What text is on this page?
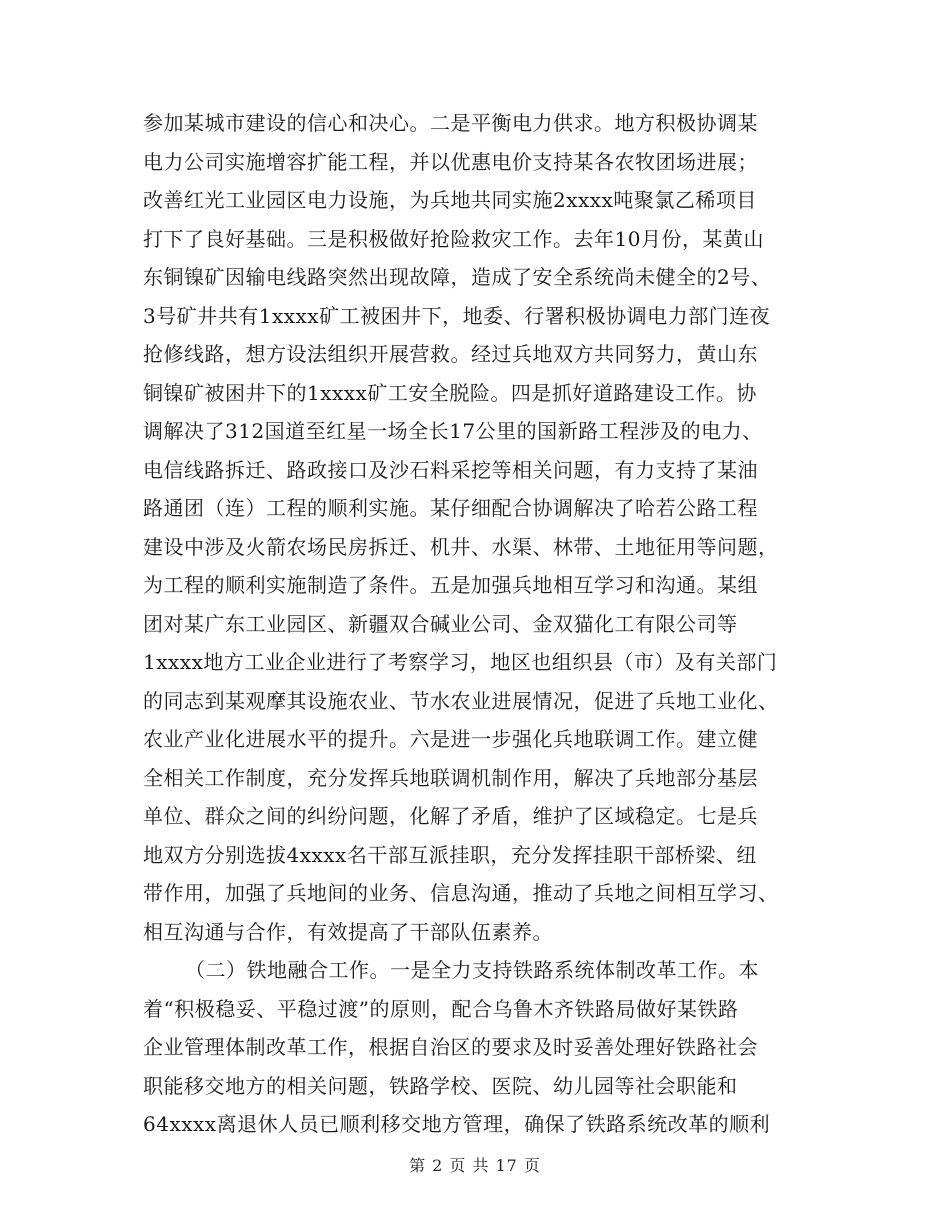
参加某城市建设的信心和决心。二是平衡电力供求。地方积极协调某
电力公司实施增容扩能工程，并以优惠电价支持某各农牧团场进展；
改善红光工业园区电力设施，为兵地共同实施2xxxx吨聚氯乙稀项目
打下了良好基础。三是积极做好抢险救灾工作。去年10月份，某黄山
东铜镍矿因输电线路突然出现故障，造成了安全系统尚未健全的2号、
3号矿井共有1xxxx矿工被困井下，地委、行署积极协调电力部门连夜
抢修线路，想方设法组织开展营救。经过兵地双方共同努力，黄山东
铜镍矿被困井下的1xxxx矿工安全脱险。四是抓好道路建设工作。协
调解决了312国道至红星一场全长17公里的国新路工程涉及的电力、
电信线路拆迁、路政接口及沙石料采挖等相关问题，有力支持了某油
路通团（连）工程的顺利实施。某仔细配合协调解决了哈若公路工程
建设中涉及火箭农场民房拆迁、机井、水渠、林带、土地征用等问题，
为工程的顺利实施制造了条件。五是加强兵地相互学习和沟通。某组
团对某广东工业园区、新疆双合碱业公司、金双猫化工有限公司等
1xxxx地方工业企业进行了考察学习，地区也组织县（市）及有关部门
的同志到某观摩其设施农业、节水农业进展情况，促进了兵地工业化、
农业产业化进展水平的提升。六是进一步强化兵地联调工作。建立健
全相关工作制度，充分发挥兵地联调机制作用，解决了兵地部分基层
单位、群众之间的纠纷问题，化解了矛盾，维护了区域稳定。七是兵
地双方分别选拔4xxxx名干部互派挂职，充分发挥挂职干部桥梁、纽
带作用，加强了兵地间的业务、信息沟通，推动了兵地之间相互学习、
相互沟通与合作，有效提高了干部队伍素养。
（二）铁地融合工作。一是全力支持铁路系统体制改革工作。本
着“积极稳妥、平稳过渡”的原则，配合乌鲁木齐铁路局做好某铁路
企业管理体制改革工作，根据自治区的要求及时妥善处理好铁路社会
职能移交地方的相关问题，铁路学校、医院、幼儿园等社会职能和
64xxxx离退休人员已顺利移交地方管理，确保了铁路系统改革的顺利
第 2 页 共 17 页
